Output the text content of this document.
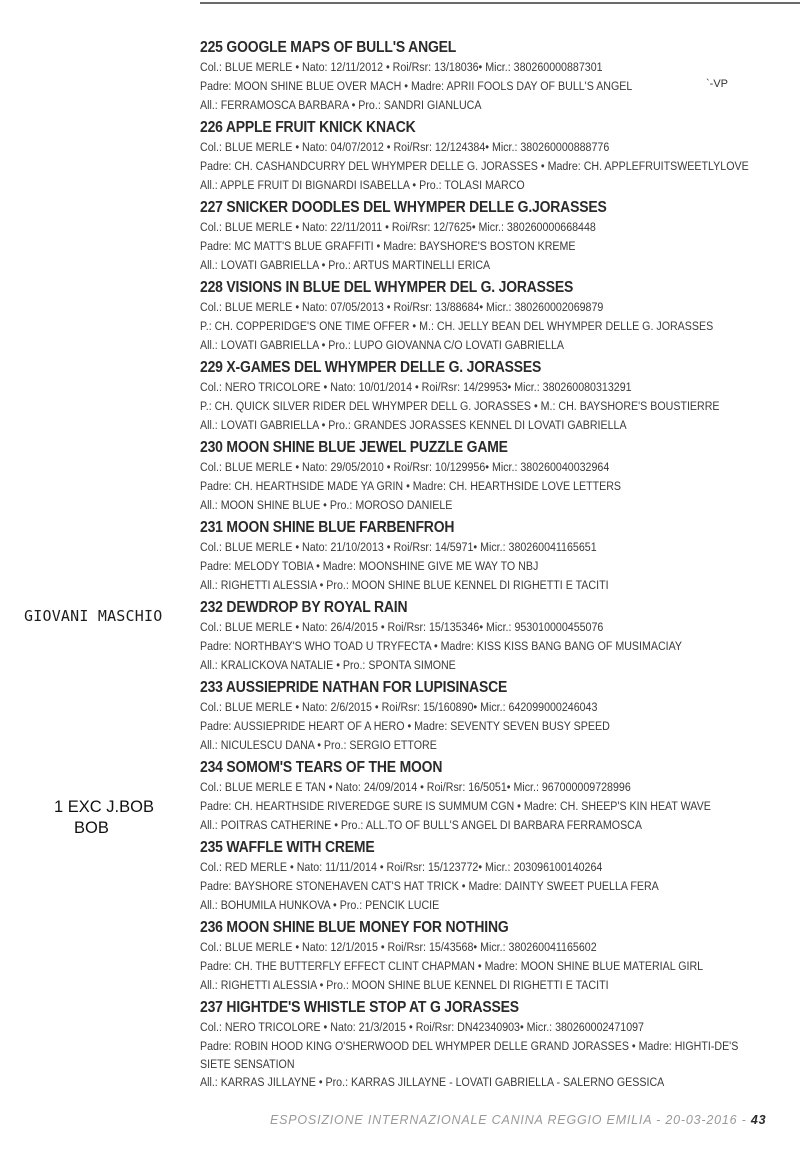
`-VP
GIOVANI MASCHIO
1 EXC J.BOB
BOB
225 GOOGLE MAPS OF BULL'S ANGEL
Col.: BLUE MERLE • Nato: 12/11/2012 • Roi/Rsr: 13/18036• Micr.: 380260000887301
Padre: MOON SHINE BLUE OVER MACH • Madre: APRII FOOLS DAY OF BULL'S ANGEL
All.: FERRAMOSCA BARBARA • Pro.: SANDRI GIANLUCA
226 APPLE FRUIT KNICK KNACK
Col.: BLUE MERLE • Nato: 04/07/2012 • Roi/Rsr: 12/124384• Micr.: 380260000888776
Padre: CH. CASHANDCURRY DEL WHYMPER DELLE G. JORASSES • Madre: CH. APPLEFRUITSWEETLYLOVE
All.: APPLE FRUIT DI BIGNARDI ISABELLA • Pro.: TOLASI MARCO
227 SNICKER DOODLES DEL WHYMPER DELLE G.JORASSES
Col.: BLUE MERLE • Nato: 22/11/2011 • Roi/Rsr: 12/7625• Micr.: 380260000668448
Padre: MC MATT'S BLUE GRAFFITI • Madre: BAYSHORE'S BOSTON KREME
All.: LOVATI GABRIELLA • Pro.: ARTUS MARTINELLI ERICA
228 VISIONS IN BLUE DEL WHYMPER DEL G. JORASSES
Col.: BLUE MERLE • Nato: 07/05/2013 • Roi/Rsr: 13/88684• Micr.: 380260002069879
P.: CH. COPPERIDGE'S ONE TIME OFFER • M.: CH. JELLY BEAN DEL WHYMPER DELLE G. JORASSES
All.: LOVATI GABRIELLA • Pro.: LUPO GIOVANNA C/O LOVATI GABRIELLA
229 X-GAMES DEL WHYMPER DELLE G. JORASSES
Col.: NERO TRICOLORE • Nato: 10/01/2014 • Roi/Rsr: 14/29953• Micr.: 380260080313291
P.: CH. QUICK SILVER RIDER DEL WHYMPER DELL G. JORASSES • M.: CH. BAYSHORE'S BOUSTIERRE
All.: LOVATI GABRIELLA • Pro.: GRANDES JORASSES KENNEL DI LOVATI GABRIELLA
230 MOON SHINE BLUE JEWEL PUZZLE GAME
Col.: BLUE MERLE • Nato: 29/05/2010 • Roi/Rsr: 10/129956• Micr.: 380260040032964
Padre: CH. HEARTHSIDE MADE YA GRIN • Madre: CH. HEARTHSIDE LOVE LETTERS
All.: MOON SHINE BLUE • Pro.: MOROSO DANIELE
231 MOON SHINE BLUE FARBENFROH
Col.: BLUE MERLE • Nato: 21/10/2013 • Roi/Rsr: 14/5971• Micr.: 380260041165651
Padre: MELODY TOBIA • Madre: MOONSHINE GIVE ME WAY TO NBJ
All.: RIGHETTI ALESSIA • Pro.: MOON SHINE BLUE KENNEL DI RIGHETTI E TACITI
232 DEWDROP BY ROYAL RAIN
Col.: BLUE MERLE • Nato: 26/4/2015 • Roi/Rsr: 15/135346• Micr.: 953010000455076
Padre: NORTHBAY'S WHO TOAD U TRYFECTA • Madre: KISS KISS BANG BANG OF MUSIMACIAY
All.: KRALICKOVA NATALIE • Pro.: SPONTA SIMONE
233 AUSSIEPRIDE NATHAN FOR LUPISINASCE
Col.: BLUE MERLE • Nato: 2/6/2015 • Roi/Rsr: 15/160890• Micr.: 642099000246043
Padre: AUSSIEPRIDE HEART OF A HERO • Madre: SEVENTY SEVEN BUSY SPEED
All.: NICULESCU DANA • Pro.: SERGIO ETTORE
234 SOMOM'S TEARS OF THE MOON
Col.: BLUE MERLE E TAN • Nato: 24/09/2014 • Roi/Rsr: 16/5051• Micr.: 967000009728996
Padre: CH. HEARTHSIDE RIVEREDGE SURE IS SUMMUM CGN • Madre: CH. SHEEP'S KIN HEAT WAVE
All.: POITRAS CATHERINE • Pro.: ALL.TO OF BULL'S ANGEL DI BARBARA FERRAMOSCA
235 WAFFLE WITH CREME
Col.: RED MERLE • Nato: 11/11/2014 • Roi/Rsr: 15/123772• Micr.: 203096100140264
Padre: BAYSHORE STONEHAVEN CAT'S HAT TRICK • Madre: DAINTY SWEET PUELLA FERA
All.: BOHUMILA HUNKOVA • Pro.: PENCIK LUCIE
236 MOON SHINE BLUE MONEY FOR NOTHING
Col.: BLUE MERLE • Nato: 12/1/2015 • Roi/Rsr: 15/43568• Micr.: 380260041165602
Padre: CH. THE BUTTERFLY EFFECT CLINT CHAPMAN • Madre: MOON SHINE BLUE MATERIAL GIRL
All.: RIGHETTI ALESSIA • Pro.: MOON SHINE BLUE KENNEL DI RIGHETTI E TACITI
237 HIGHTDE'S WHISTLE STOP AT G JORASSES
Col.: NERO TRICOLORE • Nato: 21/3/2015 • Roi/Rsr: DN42340903• Micr.: 380260002471097
Padre: ROBIN HOOD KING O'SHERWOOD DEL WHYMPER DELLE GRAND JORASSES • Madre: HIGHTI-DE'S SIETE SENSATION
All.: KARRAS JILLAYNE • Pro.: KARRAS JILLAYNE - LOVATI GABRIELLA - SALERNO GESSICA
ESPOSIZIONE INTERNAZIONALE CANINA REGGIO EMILIA - 20-03-2016 - 43
